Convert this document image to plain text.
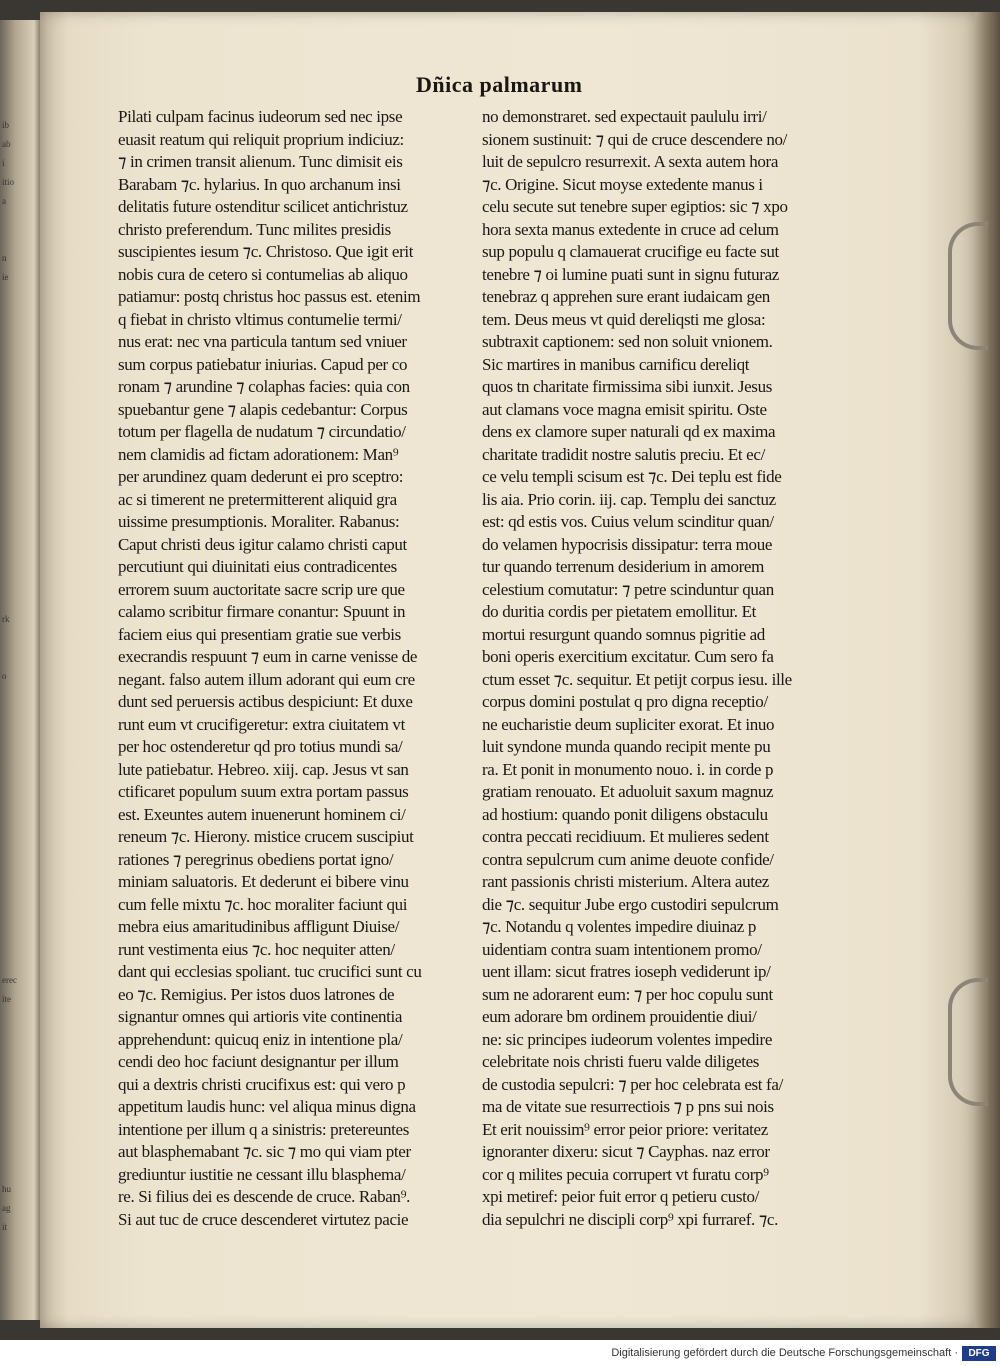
ib
ab
i
itio
a
n
ie
rk
o
erec
ite
hu
ag
it
Dñica palmarum
Pilati culpam facinus iudeorum sed nec ipse
euasit reatum qui reliquit proprium indiciuz:
⁊ in crimen transit alienum. Tunc dimisit eis
Barabam ⁊c. hylarius. In quo archanum insi
delitatis future ostenditur scilicet antichristuz
christo preferendum. Tunc milites presidis
suscipientes iesum ⁊c. Christoso. Que igit erit
nobis cura de cetero si contumelias ab aliquo
patiamur: postq christus hoc passus est. etenim
q fiebat in christo vltimus contumelie termi/
nus erat: nec vna particula tantum sed vniuer
sum corpus patiebatur iniurias. Capud per co
ronam ⁊ arundine ⁊ colaphas facies: quia con
spuebantur gene ⁊ alapis cedebantur: Corpus
totum per flagella de nudatum ⁊ circundatio/
nem clamidis ad fictam adorationem: Man⁹
per arundinez quam dederunt ei pro sceptro:
ac si timerent ne pretermitterent aliquid gra
uissime presumptionis. Moraliter. Rabanus:
Caput christi deus igitur calamo christi caput
percutiunt qui diuinitati eius contradicentes
errorem suum auctoritate sacre scrip ure que
calamo scribitur firmare conantur: Spuunt in
faciem eius qui presentiam gratie sue verbis
execrandis respuunt ⁊ eum in carne venisse de
negant. falso autem illum adorant qui eum cre
dunt sed peruersis actibus despiciunt: Et duxe
runt eum vt crucifigeretur: extra ciuitatem vt
per hoc ostenderetur qd pro totius mundi sa/
lute patiebatur. Hebreo. xiij. cap. Jesus vt san
ctificaret populum suum extra portam passus
est. Exeuntes autem inuenerunt hominem ci/
reneum ⁊c. Hierony. mistice crucem suscipiut
rationes ⁊ peregrinus obediens portat igno/
miniam saluatoris. Et dederunt ei bibere vinu
cum felle mixtu ⁊c. hoc moraliter faciunt qui
mebra eius amaritudinibus affligunt Diuise/
runt vestimenta eius ⁊c. hoc nequiter atten/
dant qui ecclesias spoliant. tuc crucifici sunt cu
eo ⁊c. Remigius. Per istos duos latrones de
signantur omnes qui artioris vite continentia
apprehendunt: quicuq eniz in intentione pla/
cendi deo hoc faciunt designantur per illum
qui a dextris christi crucifixus est: qui vero p
appetitum laudis hunc: vel aliqua minus digna
intentione per illum q a sinistris: pretereuntes
aut blasphemabant ⁊c. sic ⁊ mo qui viam pter
grediuntur iustitie ne cessant illu blasphema/
re. Si filius dei es descende de cruce. Raban⁹.
Si aut tuc de cruce descenderet virtutez pacie
no demonstraret. sed expectauit paululu irri/
sionem sustinuit: ⁊ qui de cruce descendere no/
luit de sepulcro resurrexit. A sexta autem hora
⁊c. Origine. Sicut moyse extedente manus i
celu secute sut tenebre super egiptios: sic ⁊ xpo
hora sexta manus extedente in cruce ad celum
sup populu q clamauerat crucifige eu facte sut
tenebre ⁊ oi lumine puati sunt in signu futuraz
tenebraz q apprehen sure erant iudaicam gen
tem. Deus meus vt quid dereliqsti me glosa:
subtraxit captionem: sed non soluit vnionem.
Sic martires in manibus carnificu dereliqt
quos tn charitate firmissima sibi iunxit. Jesus
aut clamans voce magna emisit spiritu. Oste
dens ex clamore super naturali qd ex maxima
charitate tradidit nostre salutis preciu. Et ec/
ce velu templi scisum est ⁊c. Dei teplu est fide
lis aia. Prio corin. iij. cap. Templu dei sanctuz
est: qd estis vos. Cuius velum scinditur quan/
do velamen hypocrisis dissipatur: terra moue
tur quando terrenum desiderium in amorem
celestium comutatur: ⁊ petre scinduntur quan
do duritia cordis per pietatem emollitur. Et
mortui resurgunt quando somnus pigritie ad
boni operis exercitium excitatur. Cum sero fa
ctum esset ⁊c. sequitur. Et petijt corpus iesu. ille
corpus domini postulat q pro digna receptio/
ne eucharistie deum supliciter exorat. Et inuo
luit syndone munda quando recipit mente pu
ra. Et ponit in monumento nouo. i. in corde p
gratiam renouato. Et aduoluit saxum magnuz
ad hostium: quando ponit diligens obstaculu
contra peccati recidiuum. Et mulieres sedent
contra sepulcrum cum anime deuote confide/
rant passionis christi misterium. Altera autez
die ⁊c. sequitur Jube ergo custodiri sepulcrum
⁊c. Notandu q volentes impedire diuinaz p
uidentiam contra suam intentionem promo/
uent illam: sicut fratres ioseph vediderunt ip/
sum ne adorarent eum: ⁊ per hoc copulu sunt
eum adorare bm ordinem prouidentie diui/
ne: sic principes iudeorum volentes impedire
celebritate nois christi fueru valde diligetes
de custodia sepulcri: ⁊ per hoc celebrata est fa/
ma de vitate sue resurrectiois ⁊ p pns sui nois
Et erit nouissim⁹ error peior priore: veritatez
ignoranter dixeru: sicut ⁊ Cayphas. naz error
cor q milites pecuia corrupert vt furatu corp⁹
xpi metiref: peior fuit error q petieru custo/
dia sepulchri ne discipli corp⁹ xpi furraref. ⁊c.
Digitalisierung gefördert durch die Deutsche Forschungsgemeinschaft ·	DFG
